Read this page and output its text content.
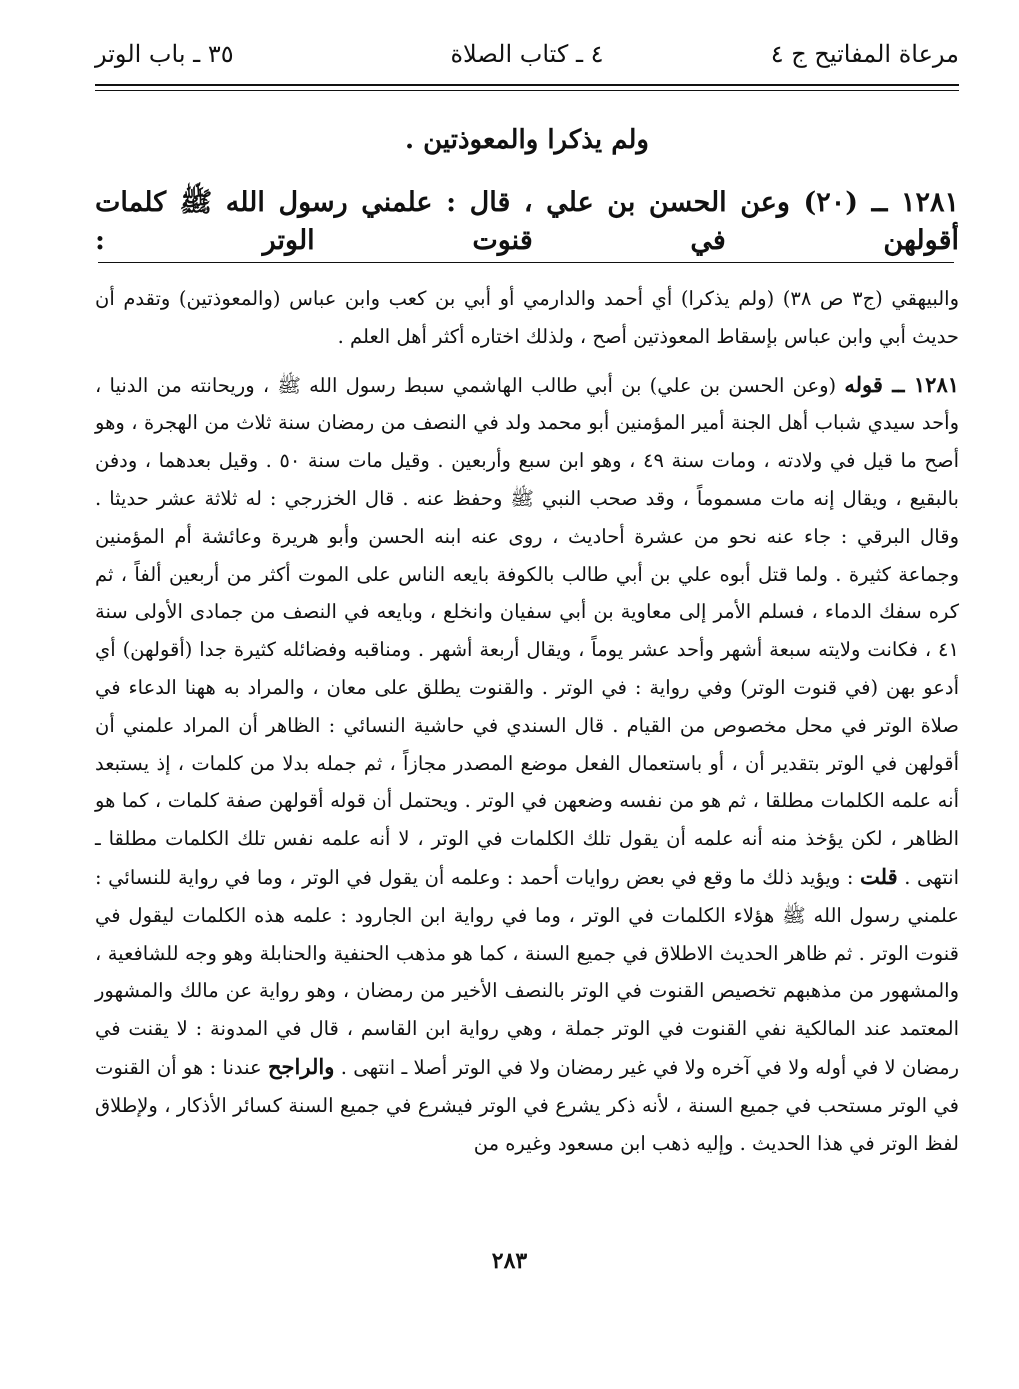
مرعاة المفاتيح ج ٤
٤ ـ كتاب الصلاة
٣٥ ـ باب الوتر

ولم يذكرا والمعوذتين .

١٢٨١ ــ (٢٠) وعن الحسن بن علي ، قال : علمني رسول الله ﷺ كلمات أقولهن في قنوت الوتر :

والبيهقي (ج٣ ص ٣٨) (ولم يذكرا) أي أحمد والدارمي أو أبي بن كعب وابن عباس (والمعوذتين) وتقدم أن حديث أبي وابن عباس بإسقاط المعوذتين أصح ، ولذلك اختاره أكثر أهل العلم .

١٢٨١ ــ قوله (وعن الحسن بن علي) بن أبي طالب الهاشمي سبط رسول الله ﷺ ، وريحانته من الدنيا ، وأحد سيدي شباب أهل الجنة أمير المؤمنين أبو محمد ولد في النصف من رمضان سنة ثلاث من الهجرة ، وهو أصح ما قيل في ولادته ، ومات سنة ٤٩ ، وهو ابن سبع وأربعين . وقيل مات سنة ٥٠ . وقيل بعدهما ، ودفن بالبقيع ، ويقال إنه مات مسموماً ، وقد صحب النبي ﷺ وحفظ عنه . قال الخزرجي : له ثلاثة عشر حديثا . وقال البرقي : جاء عنه نحو من عشرة أحاديث ، روى عنه ابنه الحسن وأبو هريرة وعائشة أم المؤمنين وجماعة كثيرة . ولما قتل أبوه علي بن أبي طالب بالكوفة بايعه الناس على الموت أكثر من أربعين ألفاً ، ثم كره سفك الدماء ، فسلم الأمر إلى معاوية بن أبي سفيان وانخلع ، وبايعه في النصف من جمادى الأولى سنة ٤١ ، فكانت ولايته سبعة أشهر وأحد عشر يوماً ، ويقال أربعة أشهر . ومناقبه وفضائله كثيرة جدا (أقولهن) أي أدعو بهن (في قنوت الوتر) وفي رواية : في الوتر . والقنوت يطلق على معان ، والمراد به ههنا الدعاء في صلاة الوتر في محل مخصوص من القيام . قال السندي في حاشية النسائي : الظاهر أن المراد علمني أن أقولهن في الوتر بتقدير أن ، أو باستعمال الفعل موضع المصدر مجازاً ، ثم جمله بدلا من كلمات ، إذ يستبعد أنه علمه الكلمات مطلقا ، ثم هو من نفسه وضعهن في الوتر . ويحتمل أن قوله أقولهن صفة كلمات ، كما هو الظاهر ، لكن يؤخذ منه أنه علمه أن يقول تلك الكلمات في الوتر ، لا أنه علمه نفس تلك الكلمات مطلقا ـ انتهى . قلت : ويؤيد ذلك ما وقع في بعض روايات أحمد : وعلمه أن يقول في الوتر ، وما في رواية للنسائي : علمني رسول الله ﷺ هؤلاء الكلمات في الوتر ، وما في رواية ابن الجارود : علمه هذه الكلمات ليقول في قنوت الوتر . ثم ظاهر الحديث الاطلاق في جميع السنة ، كما هو مذهب الحنفية والحنابلة وهو وجه للشافعية ، والمشهور من مذهبهم تخصيص القنوت في الوتر بالنصف الأخير من رمضان ، وهو رواية عن مالك والمشهور المعتمد عند المالكية نفي القنوت في الوتر جملة ، وهي رواية ابن القاسم ، قال في المدونة : لا يقنت في رمضان لا في أوله ولا في آخره ولا في غير رمضان ولا في الوتر أصلا ـ انتهى . والراجح عندنا : هو أن القنوت في الوتر مستحب في جميع السنة ، لأنه ذكر يشرع في الوتر فيشرع في جميع السنة كسائر الأذكار ، ولإطلاق لفظ الوتر في هذا الحديث . وإليه ذهب ابن مسعود وغيره من

٢٨٣
